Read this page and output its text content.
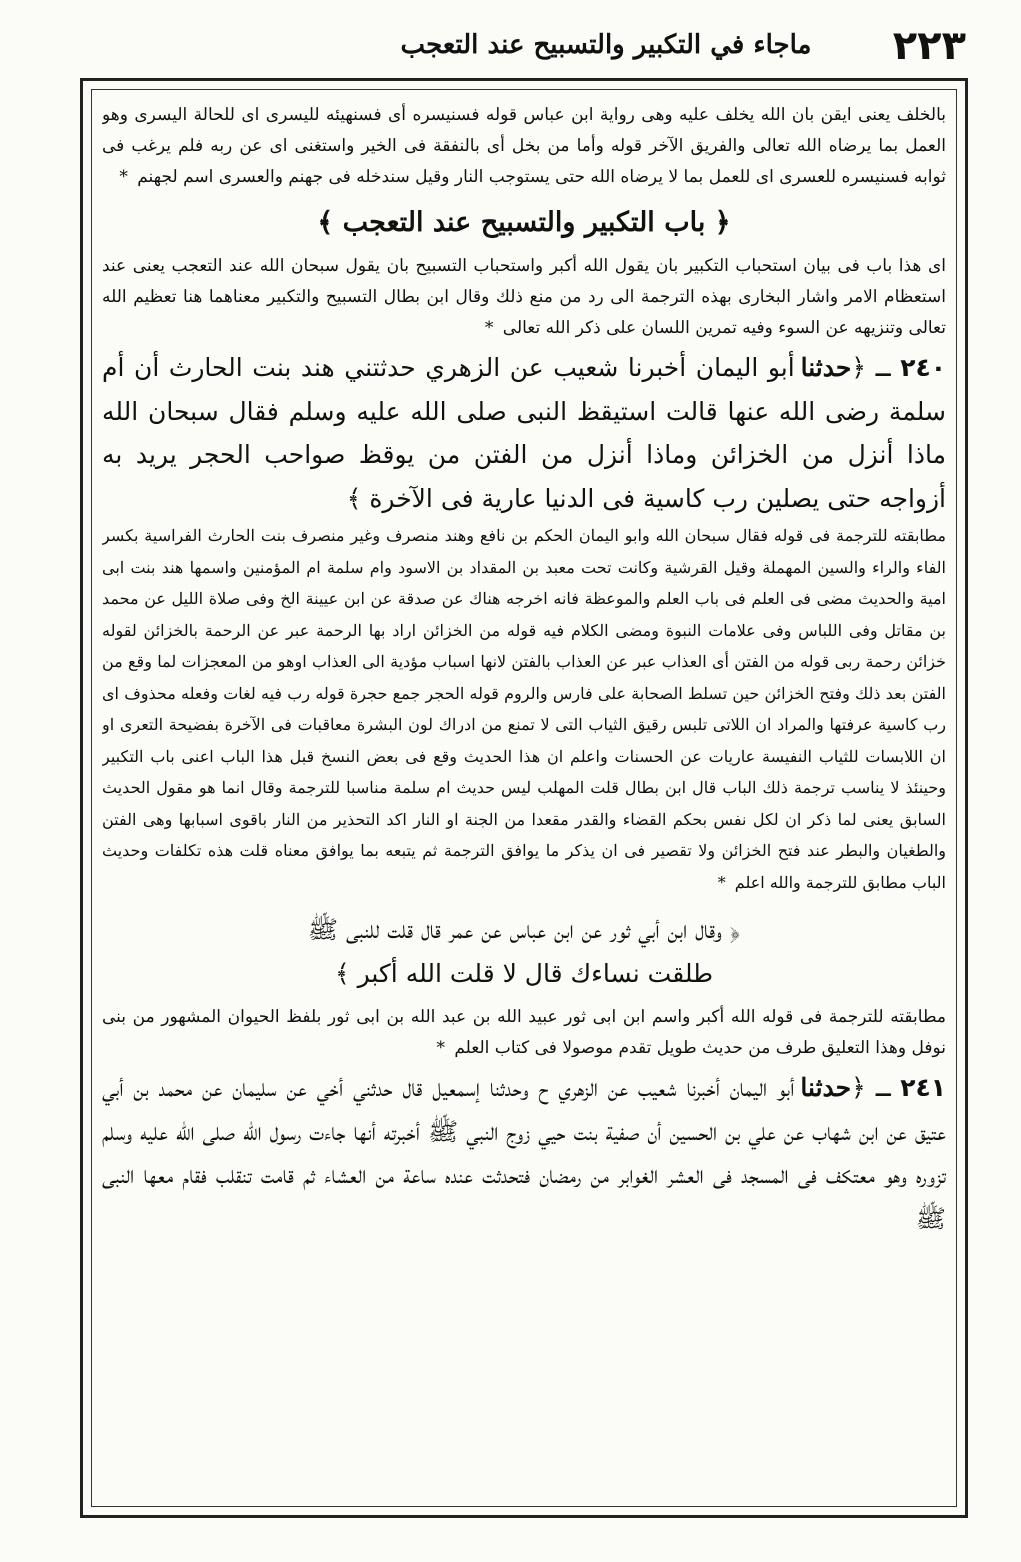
٢٢٣
ماجاء في التكبير والتسبيح عند التعجب

بالخلف يعنى ايقن بان الله يخلف عليه وهى رواية ابن عباس قوله فسنيسره أى فسنهيئه لليسرى اى للحالة اليسرى وهو العمل بما يرضاه الله تعالى والفريق الآخر قوله وأما من بخل أى بالنفقة فى الخير واستغنى اى عن ربه فلم يرغب فى ثوابه فسنيسره للعسرى اى للعمل بما لا يرضاه الله حتى يستوجب النار وقيل سندخله فى جهنم والعسرى اسم لجهنم *

﴿ باب التكبير والتسبيح عند التعجب ﴾

اى هذا باب فى بيان استحباب التكبير بان يقول الله أكبر واستحباب التسبيح بان يقول سبحان الله عند التعجب يعنى عند استعظام الامر واشار البخارى بهذه الترجمة الى رد من منع ذلك وقال ابن بطال التسبيح والتكبير معناهما هنا تعظيم الله تعالى وتنزيهه عن السوء وفيه تمرين اللسان على ذكر الله تعالى *

٢٤٠ـ ﴿حدثناأبو اليمان أخبرنا شعيب عن الزهري حدثتني هند بنت الحارث أن أم سلمة رضى الله عنها قالت استيقظ النبى صلى الله عليه وسلم فقال سبحان الله ماذا أنزل من الخزائن وماذا أنزل من الفتن من يوقظ صواحب الحجر يريد به أزواجه حتى يصلين رب كاسية فى الدنيا عارية فى الآخرة ﴾

مطابقته للترجمة فى قوله فقال سبحان الله وابو اليمان الحكم بن نافع وهند منصرف وغير منصرف بنت الحارث الفراسية بكسر الفاء والراء والسين المهملة وقيل القرشية وكانت تحت معبد بن المقداد بن الاسود وام سلمة ام المؤمنين واسمها هند بنت ابى امية والحديث مضى فى العلم فى باب العلم والموعظة فانه اخرجه هناك عن صدقة عن ابن عيينة الخ وفى صلاة الليل عن محمد بن مقاتل وفى اللباس وفى علامات النبوة ومضى الكلام فيه قوله من الخزائن اراد بها الرحمة عبر عن الرحمة بالخزائن لقوله خزائن رحمة ربى قوله من الفتن أى العذاب عبر عن العذاب بالفتن لانها اسباب مؤدية الى العذاب اوهو من المعجزات لما وقع من الفتن بعد ذلك وفتح الخزائن حين تسلط الصحابة على فارس والروم قوله الحجر جمع حجرة قوله رب فيه لغات وفعله محذوف اى رب كاسية عرفتها والمراد ان اللاتى تلبس رقيق الثياب التى لا تمنع من ادراك لون البشرة معاقبات فى الآخرة بفضيحة التعرى او ان اللابسات للثياب النفيسة عاريات عن الحسنات واعلم ان هذا الحديث وقع فى بعض النسخ قبل هذا الباب اعنى باب التكبير وحينئذ لا يناسب ترجمة ذلك الباب قال ابن بطال قلت المهلب ليس حديث ام سلمة مناسبا للترجمة وقال انما هو مقول الحديث السابق يعنى لما ذكر ان لكل نفس بحكم القضاء والقدر مقعدا من الجنة او النار اكد التحذير من النار باقوى اسبابها وهى الفتن والطغيان والبطر عند فتح الخزائن ولا تقصير فى ان يذكر ما يوافق الترجمة ثم يتبعه بما يوافق معناه قلت هذه تكلفات وحديث الباب مطابق للترجمة والله اعلم *

﴿ وقال ابن أبي ثور عن ابن عباس عن عمر قال قلت للنبى ﷺ
طلقت نساءك قال لا قلت الله أكبر ﴾

مطابقته للترجمة فى قوله الله أكبر واسم ابن ابى ثور عبيد الله بن عبد الله بن ابى ثور بلفظ الحيوان المشهور من بنى نوفل وهذا التعليق طرف من حديث طويل تقدم موصولا فى كتاب العلم *

٢٤١ـ ﴿حدثناأبو اليمان أخبرنا شعيب عن الزهري ح وحدثنا إسمعيل قال حدثني أخي عن سليمان عن محمد بن أبي عتيق عن ابن شهاب عن علي بن الحسين أن صفية بنت حيي زوج النبي ﷺ أخبرته أنها جاءت رسول الله صلى الله عليه وسلم تزوره وهو معتكف فى المسجد فى العشر الغوابر من رمضان فتحدثت عنده ساعة من العشاء ثم قامت تنقلب فقام معها النبى ﷺ
